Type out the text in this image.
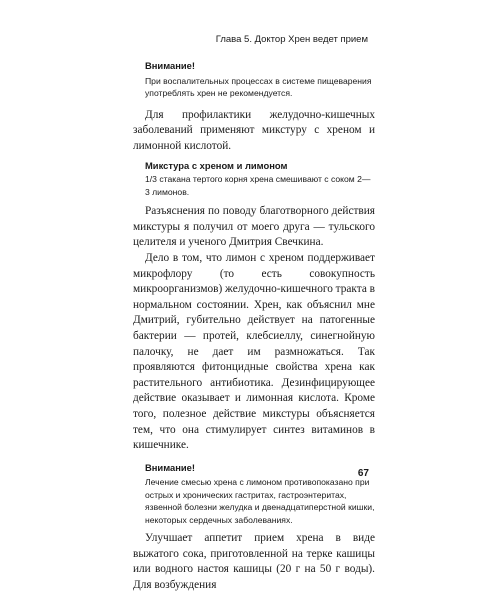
Глава 5. Доктор Хрен ведет прием
Внимание!

При воспалительных процессах в системе пищеварения употреблять хрен не рекомендуется.

Для профилактики желудочно-кишечных заболеваний применяют микстуру с хреном и лимонной кислотой.

Микстура с хреном и лимоном

1/3 стакана тертого корня хрена смешивают с соком 2—3 лимонов.

Разъяснения по поводу благотворного действия микстуры я получил от моего друга — тульского целителя и ученого Дмитрия Свечкина.

Дело в том, что лимон с хреном поддерживает микрофлору (то есть совокупность микроорганизмов) желудочно-кишечного тракта в нормальном состоянии. Хрен, как объяснил мне Дмитрий, губительно действует на патогенные бактерии — протей, клебсиеллу, синегнойную палочку, не дает им размножаться. Так проявляются фитонцидные свойства хрена как растительного антибиотика. Дезинфицирующее действие оказывает и лимонная кислота. Кроме того, полезное действие микстуры объясняется тем, что она стимулирует синтез витаминов в кишечнике.

Внимание!

Лечение смесью хрена с лимоном противопоказано при острых и хронических гастритах, гастроэнтеритах, язвенной болезни желудка и двенадцатиперстной кишки, некоторых сердечных заболеваниях.

Улучшает аппетит прием хрена в виде выжатого сока, приготовленной на терке кашицы или водного настоя кашицы (20 г на 50 г воды). Для возбуждения

67
